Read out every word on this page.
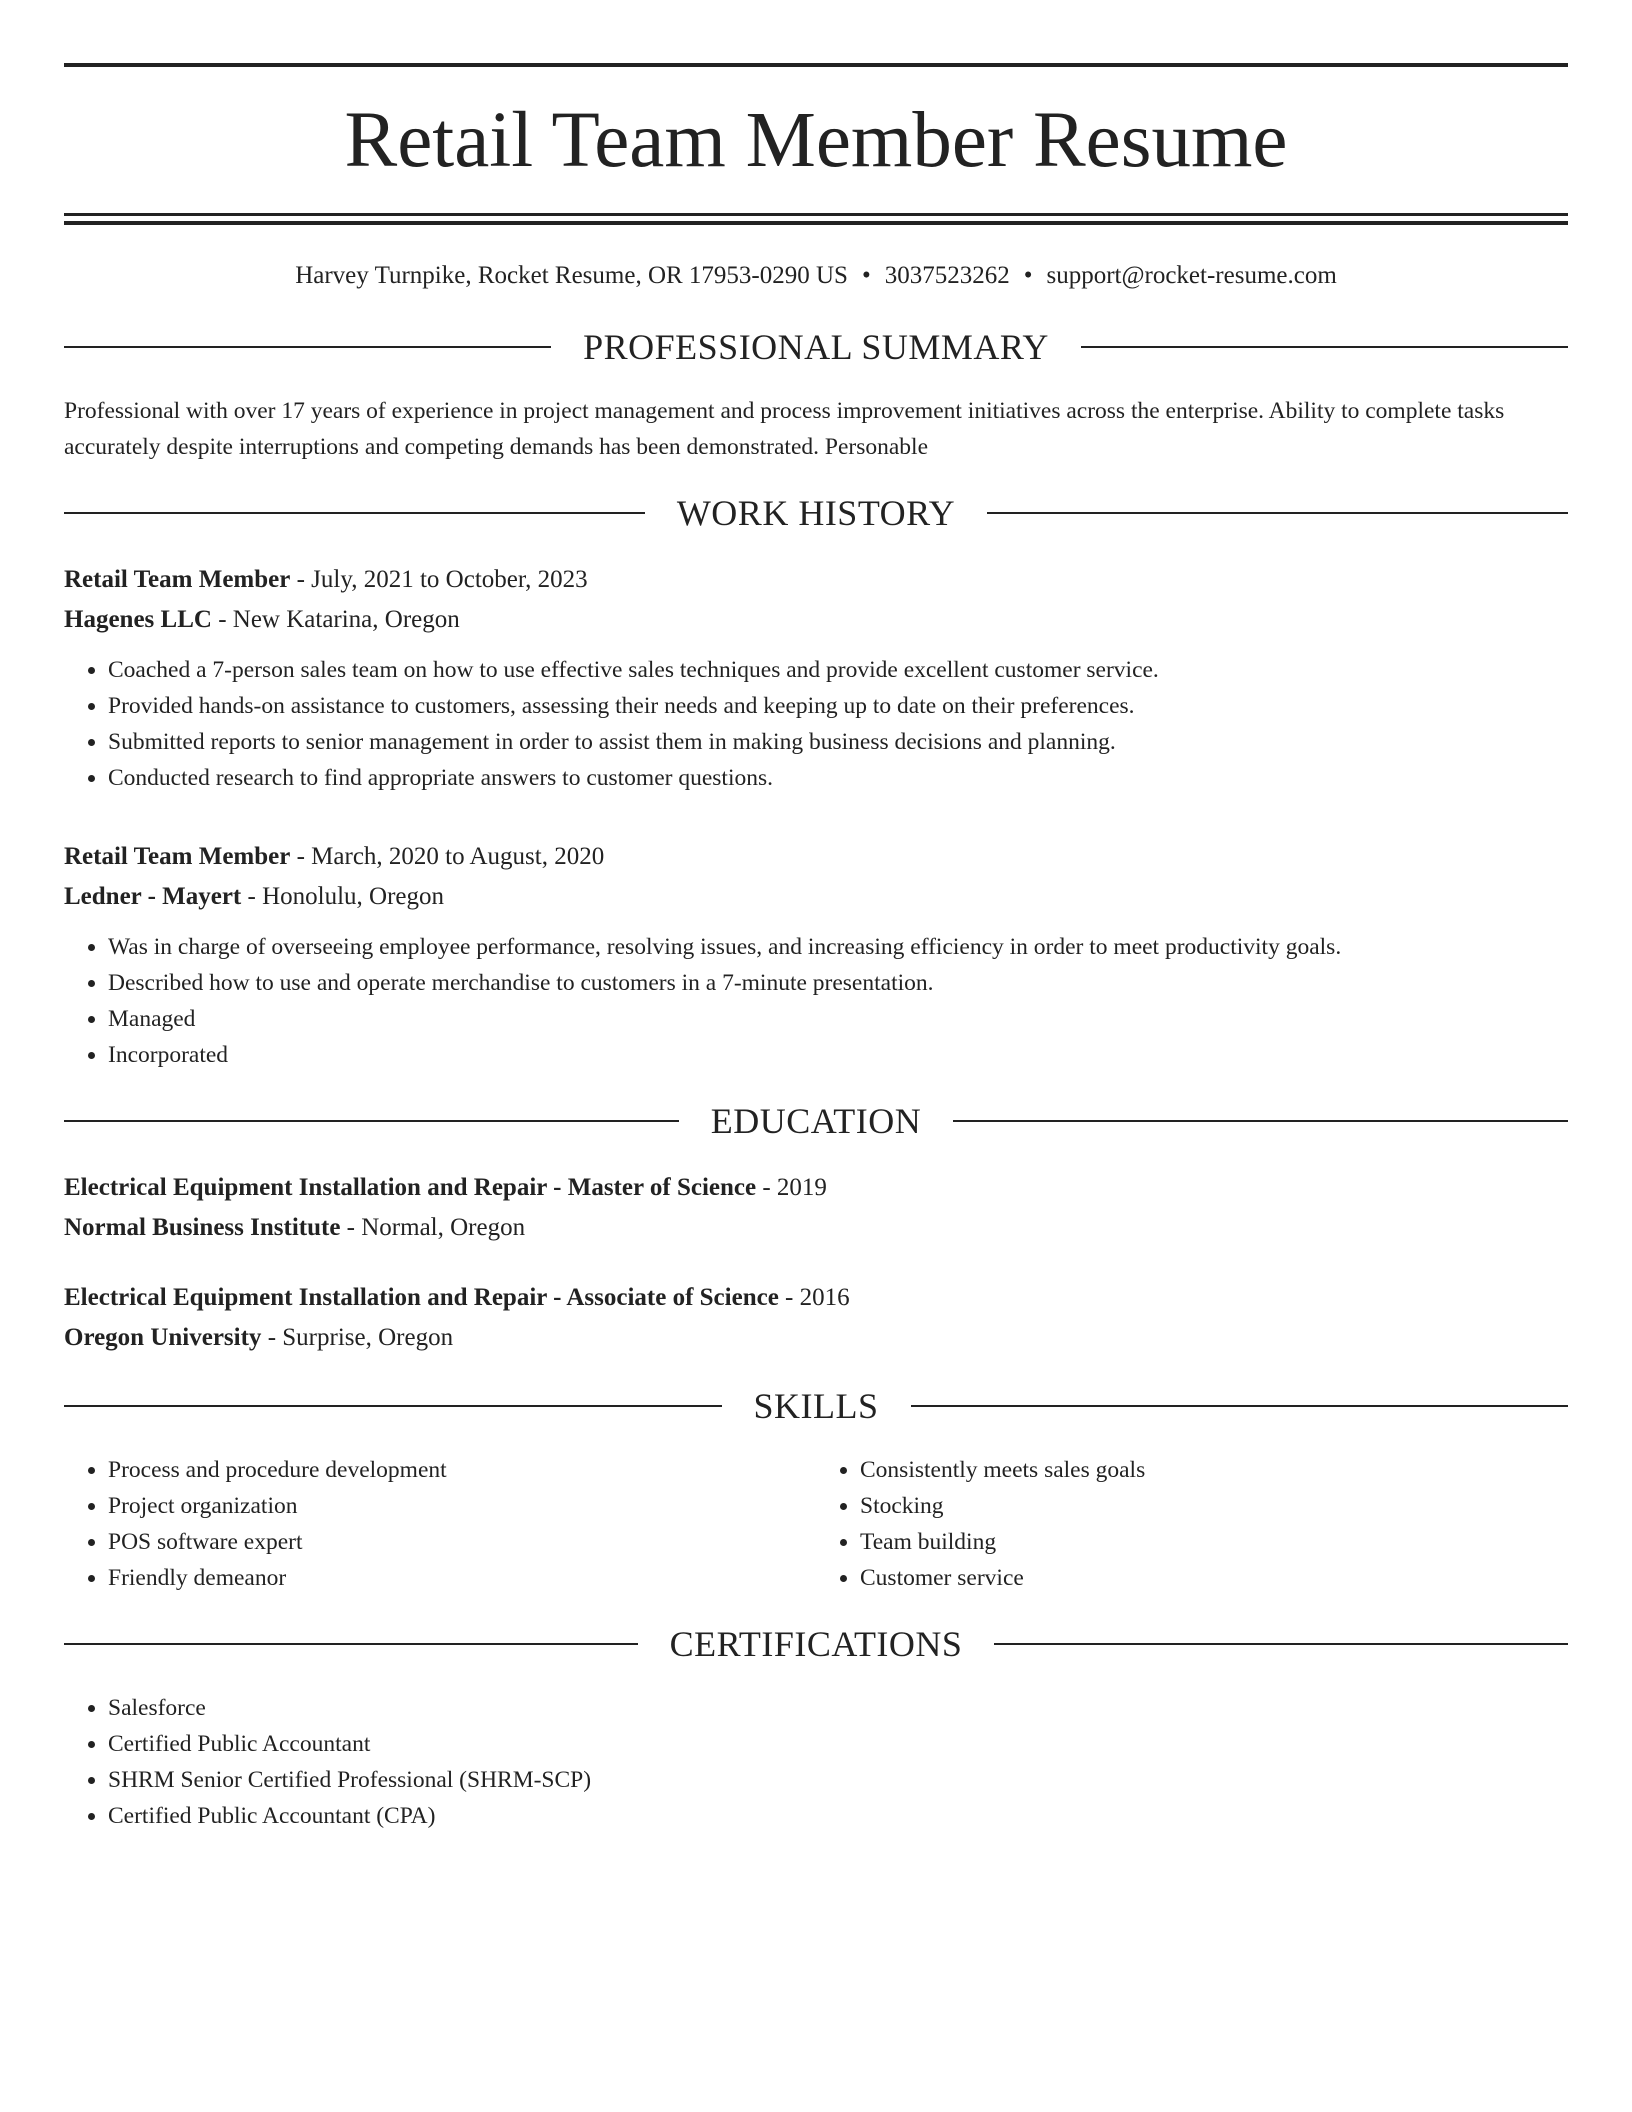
Retail Team Member Resume
Harvey Turnpike, Rocket Resume, OR 17953-0290 US • 3037523262 • support@rocket-resume.com
PROFESSIONAL SUMMARY

Professional with over 17 years of experience in project management and process improvement initiatives across the enterprise. Ability to complete tasks accurately despite interruptions and competing demands has been demonstrated. Personable

WORK HISTORY
Retail Team Member - July, 2021 to October, 2023
Hagenes LLC - New Katarina, Oregon
• Coached a 7-person sales team on how to use effective sales techniques and provide excellent customer service.
• Provided hands-on assistance to customers, assessing their needs and keeping up to date on their preferences.
• Submitted reports to senior management in order to assist them in making business decisions and planning.
• Conducted research to find appropriate answers to customer questions.
Retail Team Member - March, 2020 to August, 2020
Ledner - Mayert - Honolulu, Oregon
• Was in charge of overseeing employee performance, resolving issues, and increasing efficiency in order to meet productivity goals.
• Described how to use and operate merchandise to customers in a 7-minute presentation.
• Managed
• Incorporated
EDUCATION
Electrical Equipment Installation and Repair - Master of Science - 2019
Normal Business Institute - Normal, Oregon
Electrical Equipment Installation and Repair - Associate of Science - 2016
Oregon University - Surprise, Oregon
SKILLS
• Process and procedure development
• Project organization
• POS software expert
• Friendly demeanor
• Consistently meets sales goals
• Stocking
• Team building
• Customer service
CERTIFICATIONS
• Salesforce
• Certified Public Accountant
• SHRM Senior Certified Professional (SHRM-SCP)
• Certified Public Accountant (CPA)
